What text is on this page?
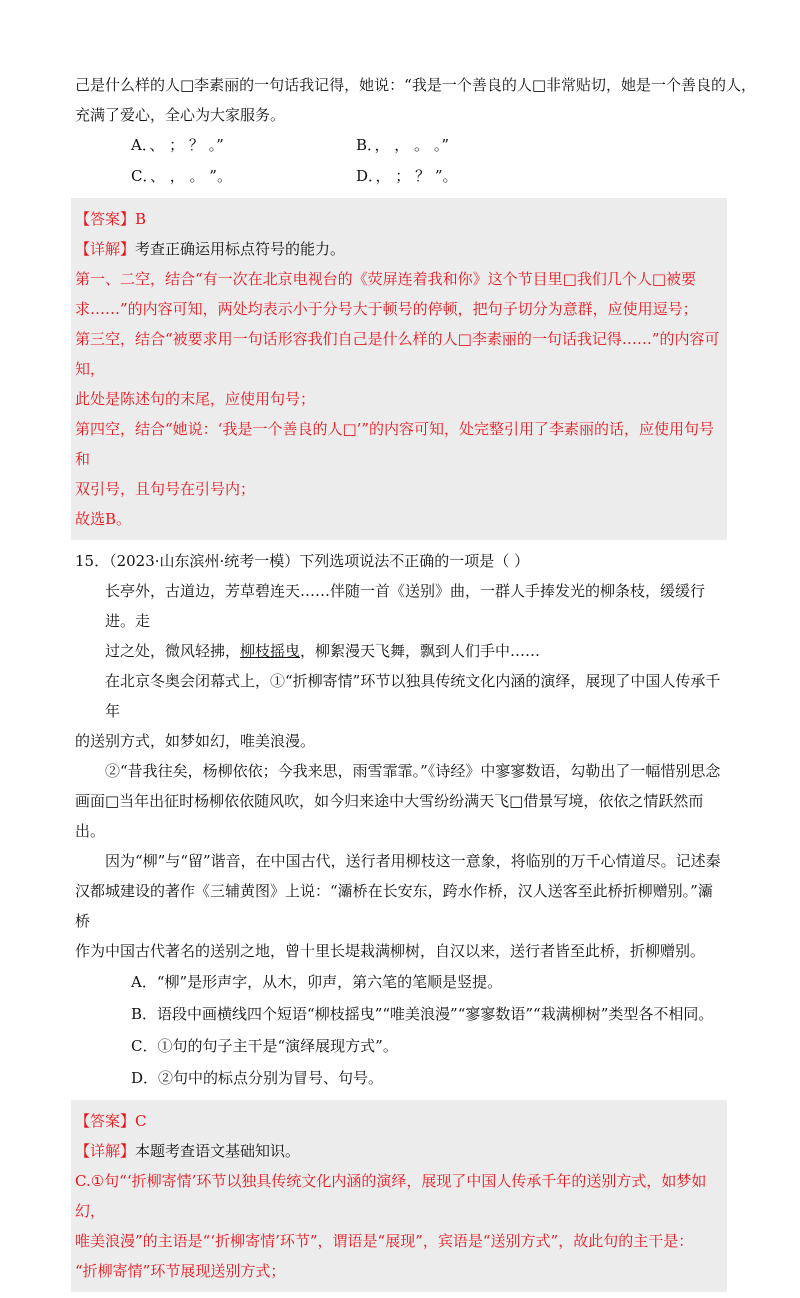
己是什么样的人□李素丽的一句话我记得，她说：“我是一个善良的人□非常贴切，她是一个善良的人，

充满了爱心，全心为大家服务。

A．、 ； ？ 。”	B．， ， 。 。”
C．、 ， 。 ”。	D．， ； ？ ”。

【答案】B

【详解】考查正确运用标点符号的能力。

第一、二空，结合“有一次在北京电视台的《荧屏连着我和你》这个节目里□我们几个人□被要

求……”的内容可知，两处均表示小于分号大于顿号的停顿，把句子切分为意群，应使用逗号；

第三空，结合“被要求用一句话形容我们自己是什么样的人□李素丽的一句话我记得……”的内容可知，

此处是陈述句的末尾，应使用句号；

第四空，结合“她说：‘我是一个善良的人□’”的内容可知，处完整引用了李素丽的话，应使用句号和

双引号，且句号在引号内；

故选B。

15．（2023·山东滨州·统考一模）下列选项说法不正确的一项是（ ）

长亭外，古道边，芳草碧连天……伴随一首《送别》曲，一群人手捧发光的柳条枝，缓缓行进。走

过之处，微风轻拂，柳枝摇曳，柳絮漫天飞舞，飘到人们手中……

在北京冬奥会闭幕式上，①“折柳寄情”环节以独具传统文化内涵的演绎，展现了中国人传承千年

的送别方式，如梦如幻，唯美浪漫。

②“昔我往矣，杨柳依依；今我来思，雨雪霏霏。”《诗经》中寥寥数语，勾勒出了一幅惜别思念

画面□当年出征时杨柳依依随风吹，如今归来途中大雪纷纷满天飞□借景写境，依依之情跃然而出。

因为“柳”与“留”谐音，在中国古代，送行者用柳枝这一意象，将临别的万千心情道尽。记述秦

汉都城建设的著作《三辅黄图》上说：“灞桥在长安东，跨水作桥，汉人送客至此桥折柳赠别。”灞桥

作为中国古代著名的送别之地，曾十里长堤栽满柳树，自汉以来，送行者皆至此桥，折柳赠别。

A．“柳”是形声字，从木，卯声，第六笔的笔顺是竖提。

B．语段中画横线四个短语“柳枝摇曳”“唯美浪漫”“寥寥数语”“栽满柳树”类型各不相同。

C．①句的句子主干是“演绎展现方式”。

D．②句中的标点分别为冒号、句号。

【答案】C

【详解】本题考查语文基础知识。

C.①句“‘折柳寄情’环节以独具传统文化内涵的演绎，展现了中国人传承千年的送别方式，如梦如幻，

唯美浪漫”的主语是“‘折柳寄情’环节”，谓语是“展现”，宾语是“送别方式”，故此句的主干是：

“折柳寄情”环节展现送别方式；
